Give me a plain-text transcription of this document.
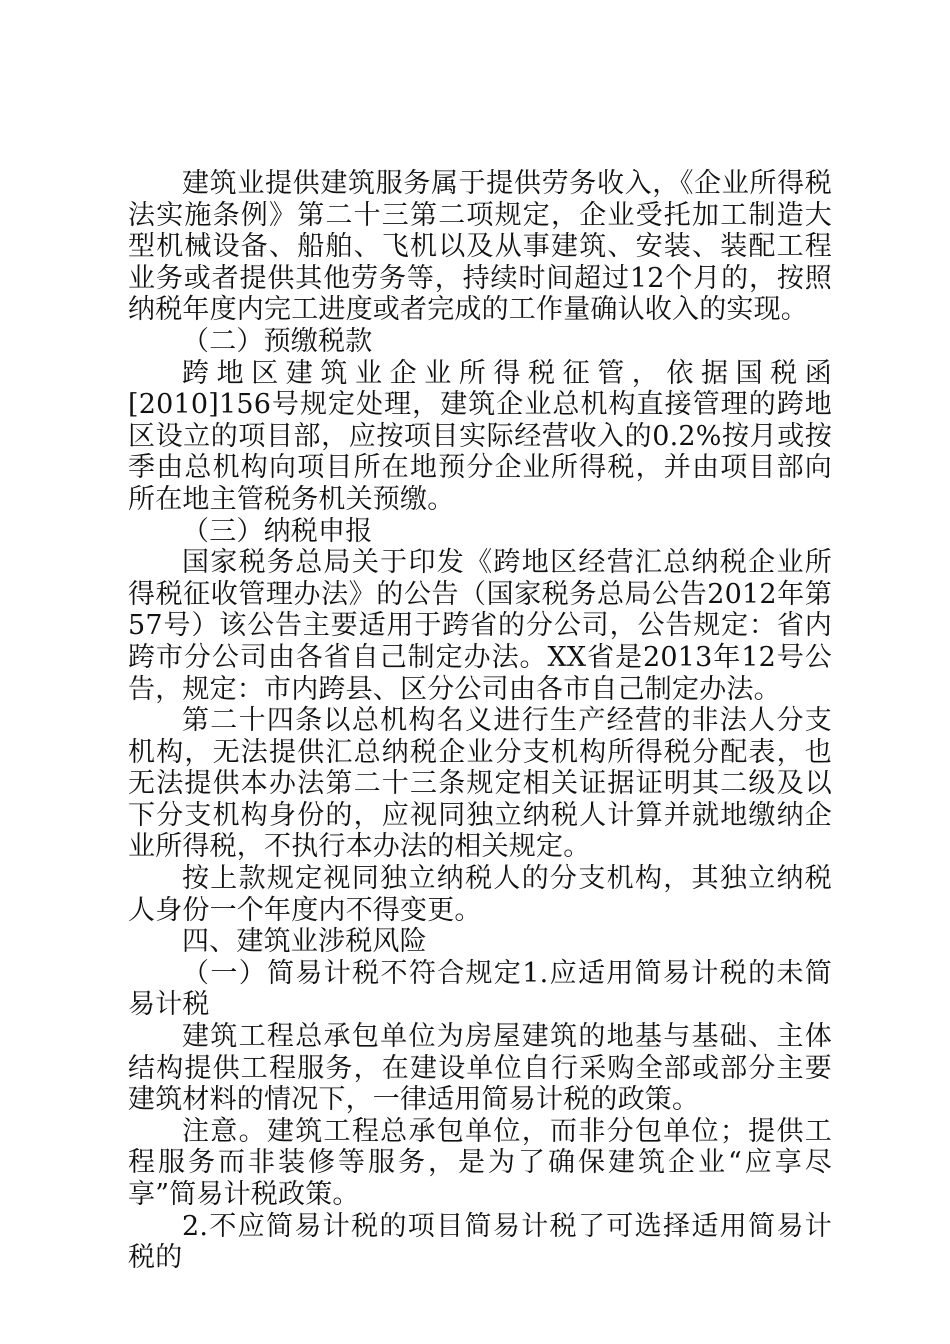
建筑业提供建筑服务属于提供劳务收入，《企业所得税法实施条例》第二十三第二项规定，企业受托加工制造大型机械设备、船舶、飞机以及从事建筑、安装、装配工程业务或者提供其他劳务等，持续时间超过12个月的，按照纳税年度内完工进度或者完成的工作量确认收入的实现。

（二）预缴税款

跨地区建筑业企业所得税征管，依据国税函[2010]156号规定处理，建筑企业总机构直接管理的跨地区设立的项目部，应按项目实际经营收入的0.2%按月或按季由总机构向项目所在地预分企业所得税，并由项目部向所在地主管税务机关预缴。

（三）纳税申报

国家税务总局关于印发《跨地区经营汇总纳税企业所得税征收管理办法》的公告（国家税务总局公告2012年第57号）该公告主要适用于跨省的分公司，公告规定：省内跨市分公司由各省自己制定办法。XX省是2013年12号公告，规定：市内跨县、区分公司由各市自己制定办法。

第二十四条以总机构名义进行生产经营的非法人分支机构，无法提供汇总纳税企业分支机构所得税分配表，也无法提供本办法第二十三条规定相关证据证明其二级及以下分支机构身份的，应视同独立纳税人计算并就地缴纳企业所得税，不执行本办法的相关规定。

按上款规定视同独立纳税人的分支机构，其独立纳税人身份一个年度内不得变更。

四、建筑业涉税风险

（一）简易计税不符合规定1.应适用简易计税的未简易计税

建筑工程总承包单位为房屋建筑的地基与基础、主体结构提供工程服务，在建设单位自行采购全部或部分主要建筑材料的情况下，一律适用简易计税的政策。

注意。建筑工程总承包单位，而非分包单位；提供工程服务而非装修等服务，是为了确保建筑企业“应享尽享”简易计税政策。

2.不应简易计税的项目简易计税了可选择适用简易计税的
